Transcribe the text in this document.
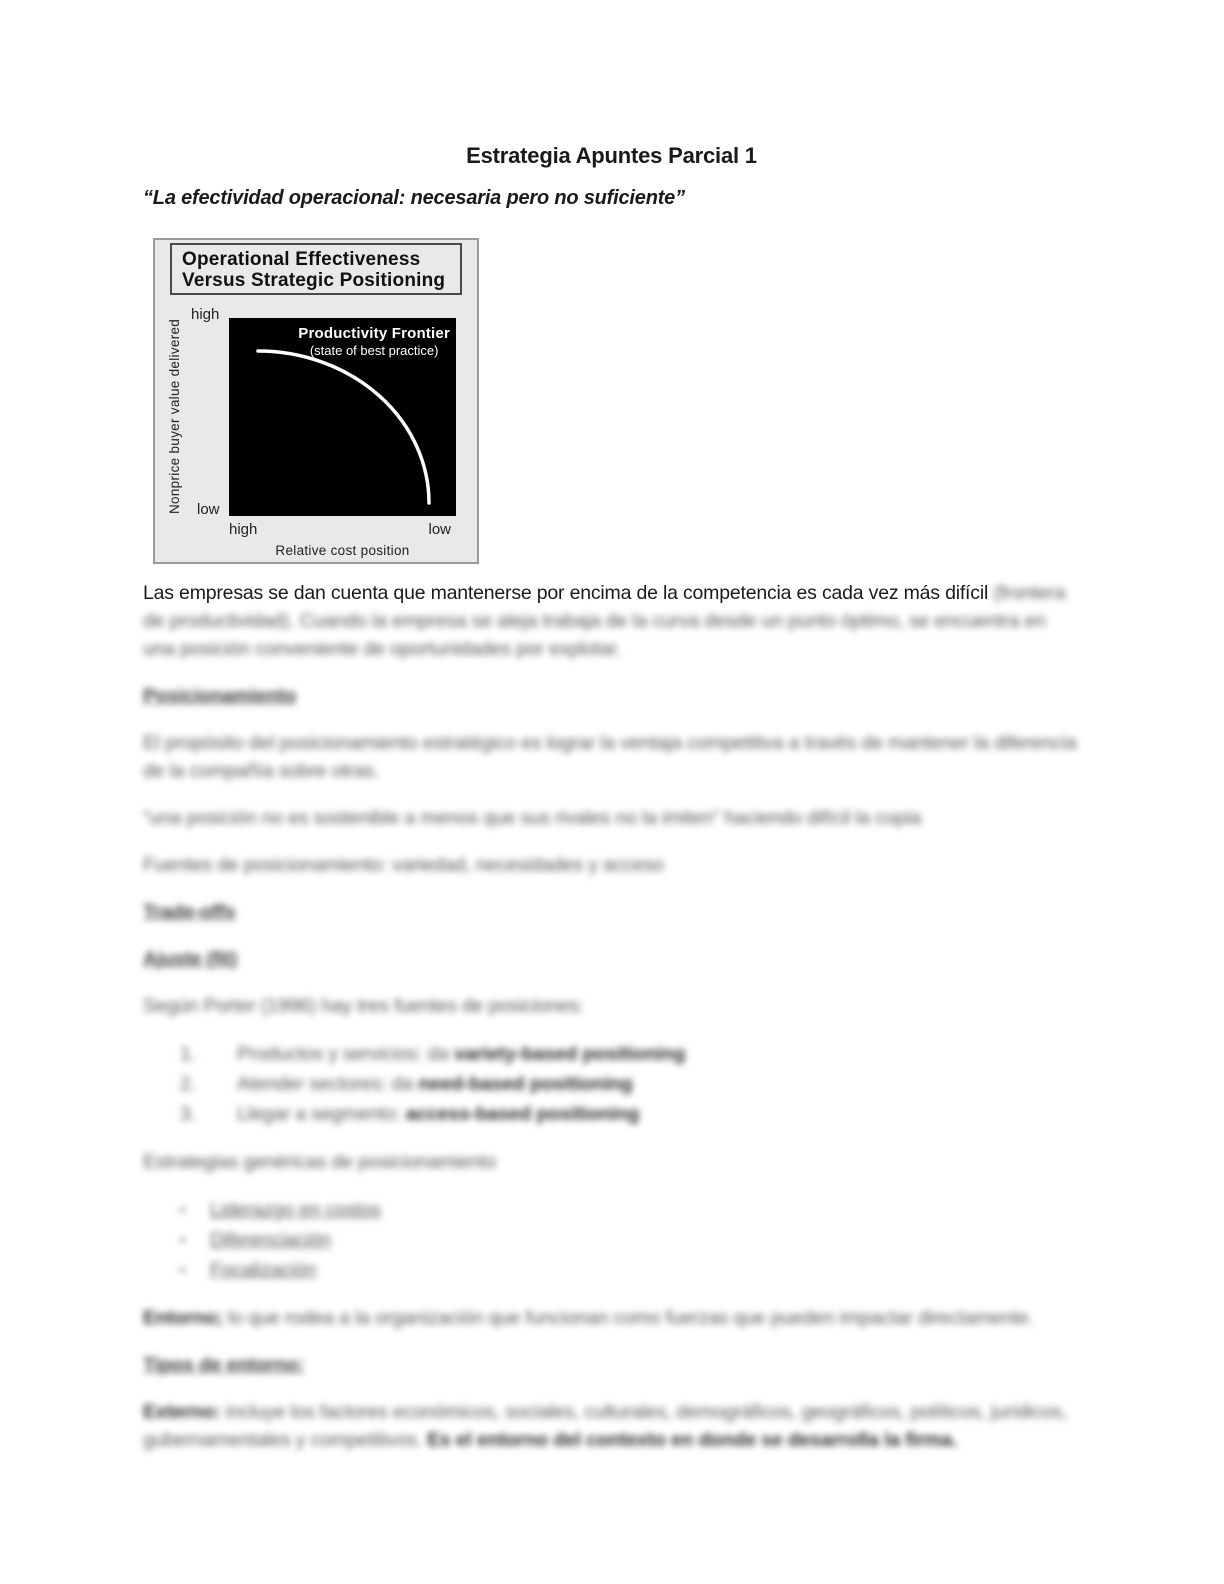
Estrategia Apuntes Parcial 1
“La efectividad operacional: necesaria pero no suficiente”
Operational Effectiveness
Versus Strategic Positioning
Nonprice buyer value delivered
high
low
Productivity Frontier
(state of best practice)
high	low
Relative cost position
Las empresas se dan cuenta que mantenerse por encima de la competencia es cada vez más difícil (frontera de productividad). Cuando la empresa se aleja trabaja de la curva desde un punto óptimo, se encuentra en una posición conveniente de oportunidades por explotar.
Posicionamiento
El propósito del posicionamiento estratégico es lograr la ventaja competitiva a través de mantener la diferencia de la compañía sobre otras.
“una posición no es sostenible a menos que sus rivales no la imiten” haciendo difícil la copia
Fuentes de posicionamiento: variedad, necesidades y acceso
Trade-offs
Ajuste (fit)
Según Porter (1996) hay tres fuentes de posiciones:
1.	Productos y servicios: da variety-based positioning
2.	Atender sectores: da need-based positioning
3.	Llegar a segmento: access-based positioning
Estrategias genéricas de posicionamiento
▪	Liderazgo en costos
▪	Diferenciación
▪	Focalización
Entorno; lo que rodea a la organización que funcionan como fuerzas que pueden impactar directamente.
Tipos de entorno:
Externo: incluye los factores económicos, sociales, culturales, demográficos, geográficos, políticos, jurídicos, gubernamentales y competitivos. Es el entorno del contexto en donde se desarrolla la firma.
